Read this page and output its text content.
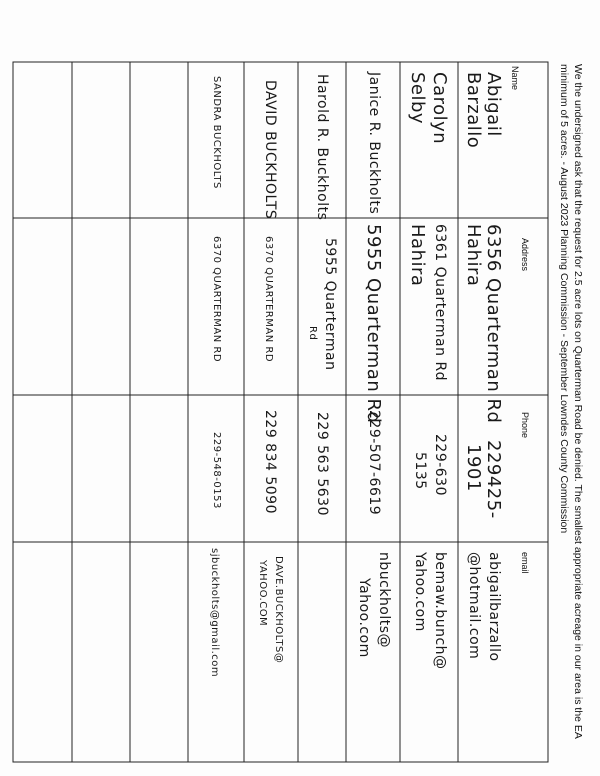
We the undersigned ask that the request for 2.5 acre lots on Quarterman Road be denied. The smallest appropriate acreage in our area is the EA minimum of 5 acres. - August 2023 Planning Commission - September Lowndes County Commission
Name
Address
Phone
email
Abigail
Barzallo
6356 Quarterman Rd
Hahira
229425-
1901
abigailbarzallo
@hotmail.com
Carolyn
Selby
6361 Quarterman Rd
Hahira
229-630
5135
bemaw.bunch@
Yahoo.com
Janice R. Buckholts
5955 Quarterman Rd
229-507-6619
nbuckholts@
Yahoo.com
Harold R. Buckholts
5955 Quarterman
Rd
229 563 5630
DAVID BUCKHOLTS
6370 QUARTERMAN RD
229 834 5090
DAVE.BUCKHOLTS@
YAHOO.COM
SANDRA BUCKHOLTS
6370 QUARTERMAN RD
229-548-0153
sjbuckholts@gmail.com
